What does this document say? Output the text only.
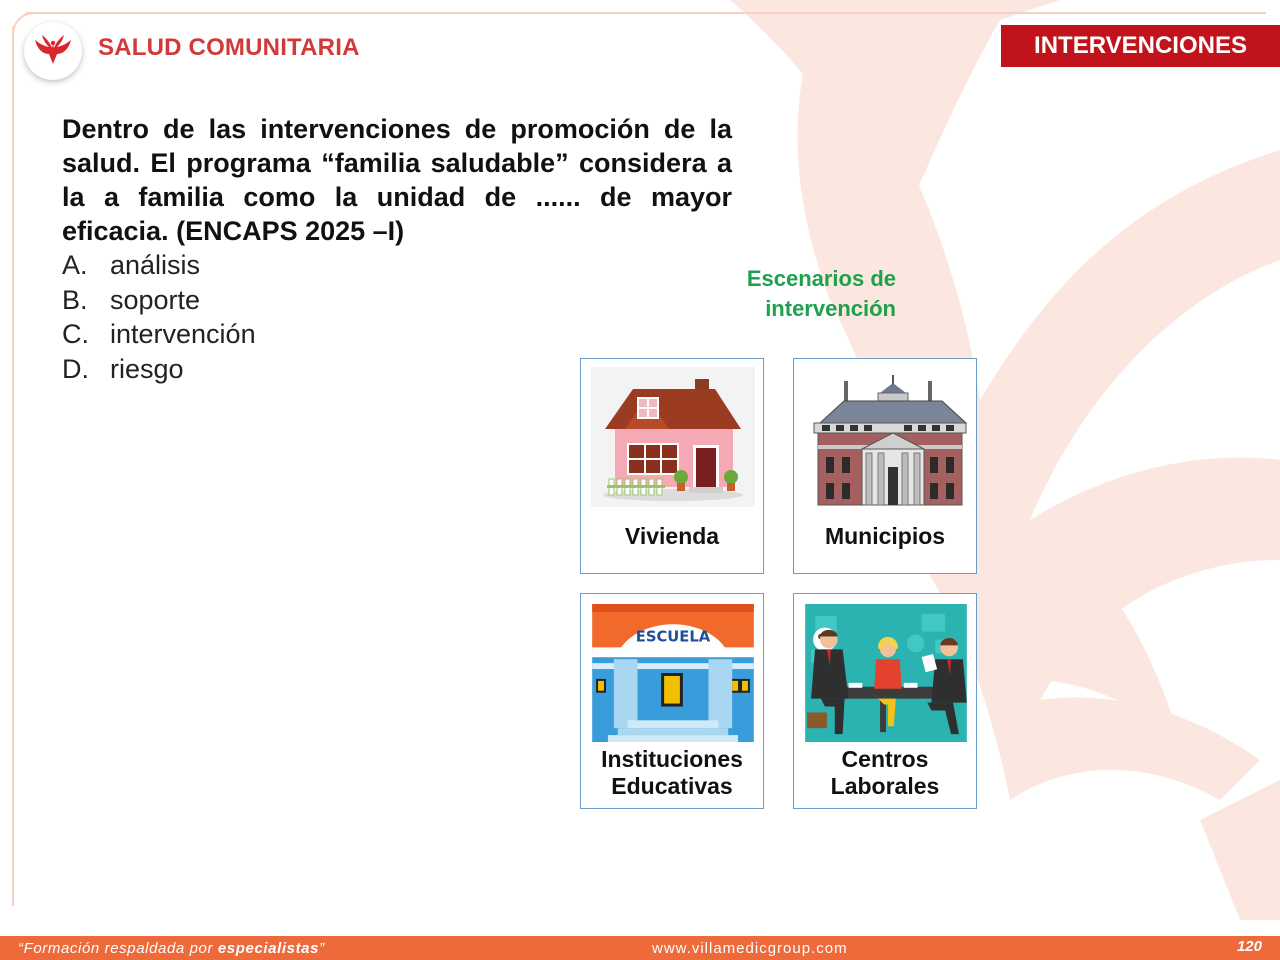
SALUD COMUNITARIA	INTERVENCIONES
Dentro de las intervenciones de promoción de la salud. El programa “familia saludable” considera a la a familia como la unidad de ...... de mayor eficacia. (ENCAPS 2025 –I)
A. análisis
B. soporte
C. intervención
D. riesgo
Escenarios de
intervención
Vivienda	Municipios
ESCUELA
Instituciones
Educativas
Centros
Laborales
“Formación respaldada por especialistas”	www.villamedicgroup.com	120
